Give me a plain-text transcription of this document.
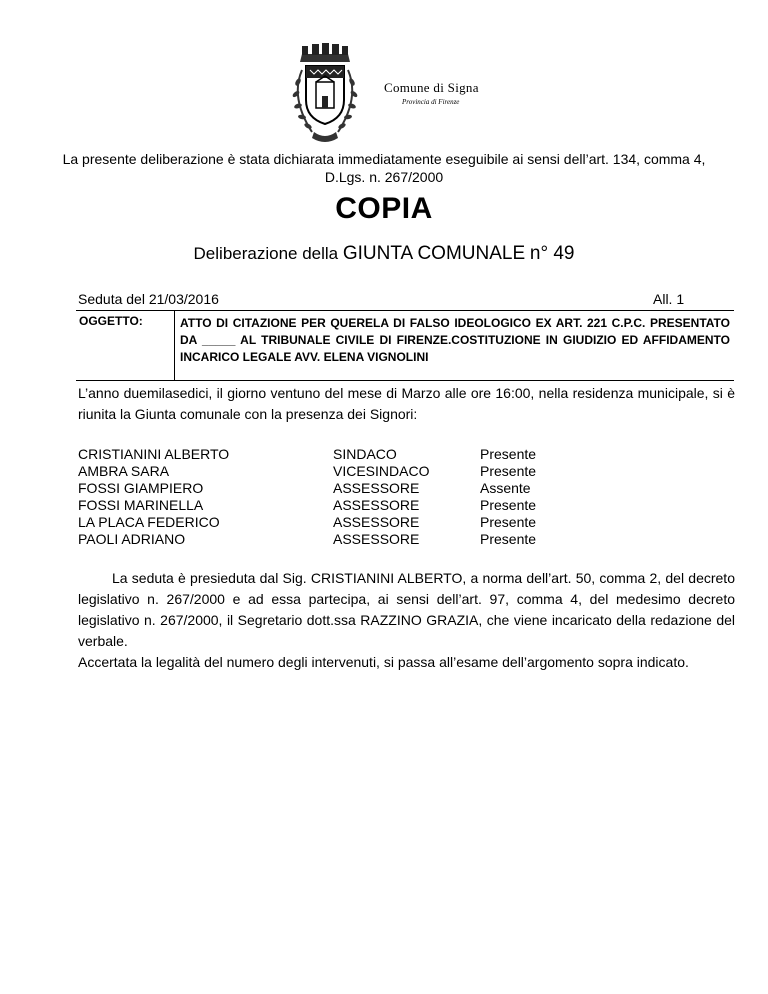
Comune di Signa
Provincia di Firenze
La presente deliberazione è stata dichiarata immediatamente eseguibile ai sensi dell’art. 134, comma 4, D.Lgs. n. 267/2000
COPIA
Deliberazione della GIUNTA COMUNALE n° 49
Seduta del 21/03/2016	All. 1
OGGETTO:	ATTO DI CITAZIONE PER QUERELA DI FALSO IDEOLOGICO EX ART. 221 C.P.C. PRESENTATO DA _____ AL TRIBUNALE CIVILE DI FIRENZE.COSTITUZIONE IN GIUDIZIO ED AFFIDAMENTO INCARICO LEGALE AVV. ELENA VIGNOLINI
L’anno duemilasedici, il giorno ventuno del mese di Marzo alle ore 16:00, nella residenza municipale, si è riunita la Giunta comunale con la presenza dei Signori:
CRISTIANINI ALBERTO	SINDACO	Presente
AMBRA SARA	VICESINDACO	Presente
FOSSI GIAMPIERO	ASSESSORE	Assente
FOSSI MARINELLA	ASSESSORE	Presente
LA PLACA FEDERICO	ASSESSORE	Presente
PAOLI ADRIANO	ASSESSORE	Presente
La seduta è presieduta dal Sig. CRISTIANINI ALBERTO, a norma dell’art. 50, comma 2, del decreto legislativo n. 267/2000 e ad essa partecipa, ai sensi dell’art. 97, comma 4, del medesimo decreto legislativo n. 267/2000, il Segretario dott.ssa RAZZINO GRAZIA, che viene incaricato della redazione del verbale.
Accertata la legalità del numero degli intervenuti, si passa all’esame dell’argomento sopra indicato.
